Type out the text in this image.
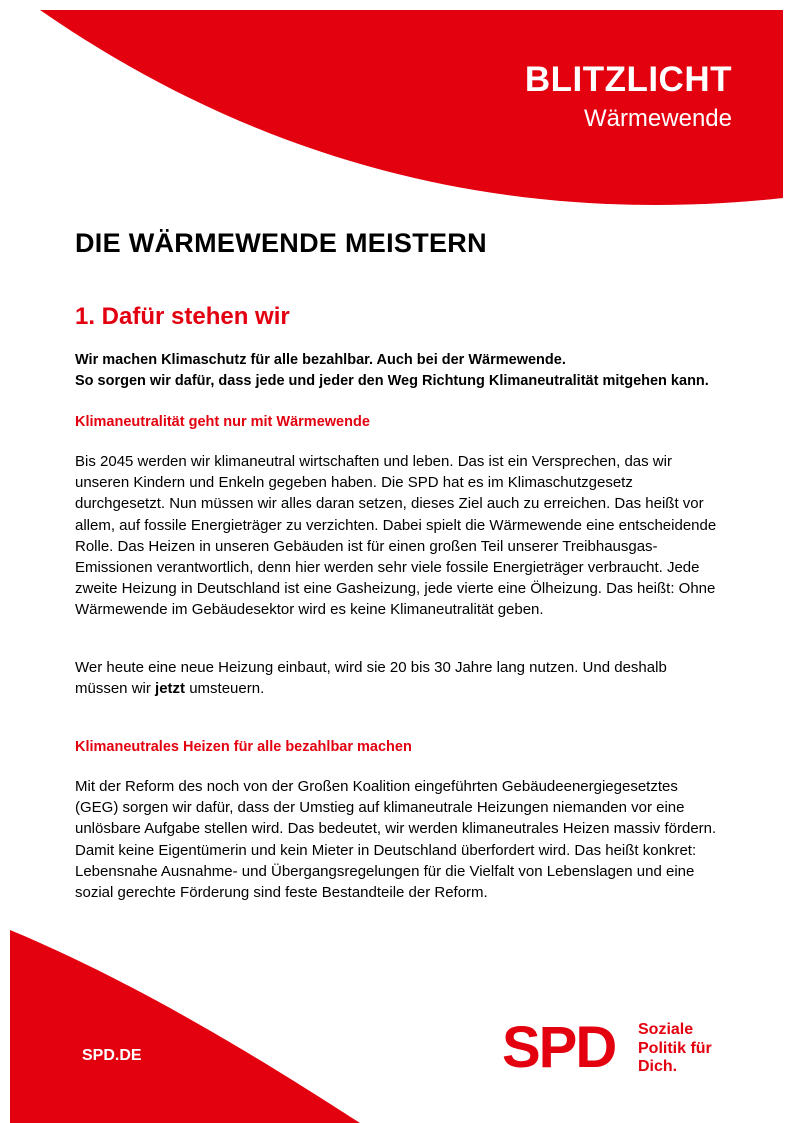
BLITZLICHT
Wärmewende
DIE WÄRMEWENDE MEISTERN
1. Dafür stehen wir
Wir machen Klimaschutz für alle bezahlbar. Auch bei der Wärmewende.
So sorgen wir dafür, dass jede und jeder den Weg Richtung Klimaneutralität mitgehen kann.
Klimaneutralität geht nur mit Wärmewende
Bis 2045 werden wir klimaneutral wirtschaften und leben. Das ist ein Versprechen, das wir unseren Kindern und Enkeln gegeben haben. Die SPD hat es im Klimaschutzgesetz durchgesetzt. Nun müssen wir alles daran setzen, dieses Ziel auch zu erreichen. Das heißt vor allem, auf fossile Energieträger zu verzichten. Dabei spielt die Wärmewende eine entscheidende Rolle. Das Heizen in unseren Gebäuden ist für einen großen Teil unserer Treibhausgas-Emissionen verantwortlich, denn hier werden sehr viele fossile Energieträger verbraucht. Jede zweite Heizung in Deutschland ist eine Gasheizung, jede vierte eine Ölheizung. Das heißt: Ohne Wärmewende im Gebäudesektor wird es keine Klimaneutralität geben.
Wer heute eine neue Heizung einbaut, wird sie 20 bis 30 Jahre lang nutzen. Und deshalb müssen wir jetzt umsteuern.
Klimaneutrales Heizen für alle bezahlbar machen
Mit der Reform des noch von der Großen Koalition eingeführten Gebäudeenergiegesetztes (GEG) sorgen wir dafür, dass der Umstieg auf klimaneutrale Heizungen niemanden vor eine unlösbare Aufgabe stellen wird. Das bedeutet, wir werden klimaneutrales Heizen massiv fördern. Damit keine Eigentümerin und kein Mieter in Deutschland überfordert wird. Das heißt konkret: Lebensnahe Ausnahme- und Übergangsregelungen für die Vielfalt von Lebenslagen und eine sozial gerechte Förderung sind feste Bestandteile der Reform.
SPD.DE	SPD Soziale
Politik für
Dich.
